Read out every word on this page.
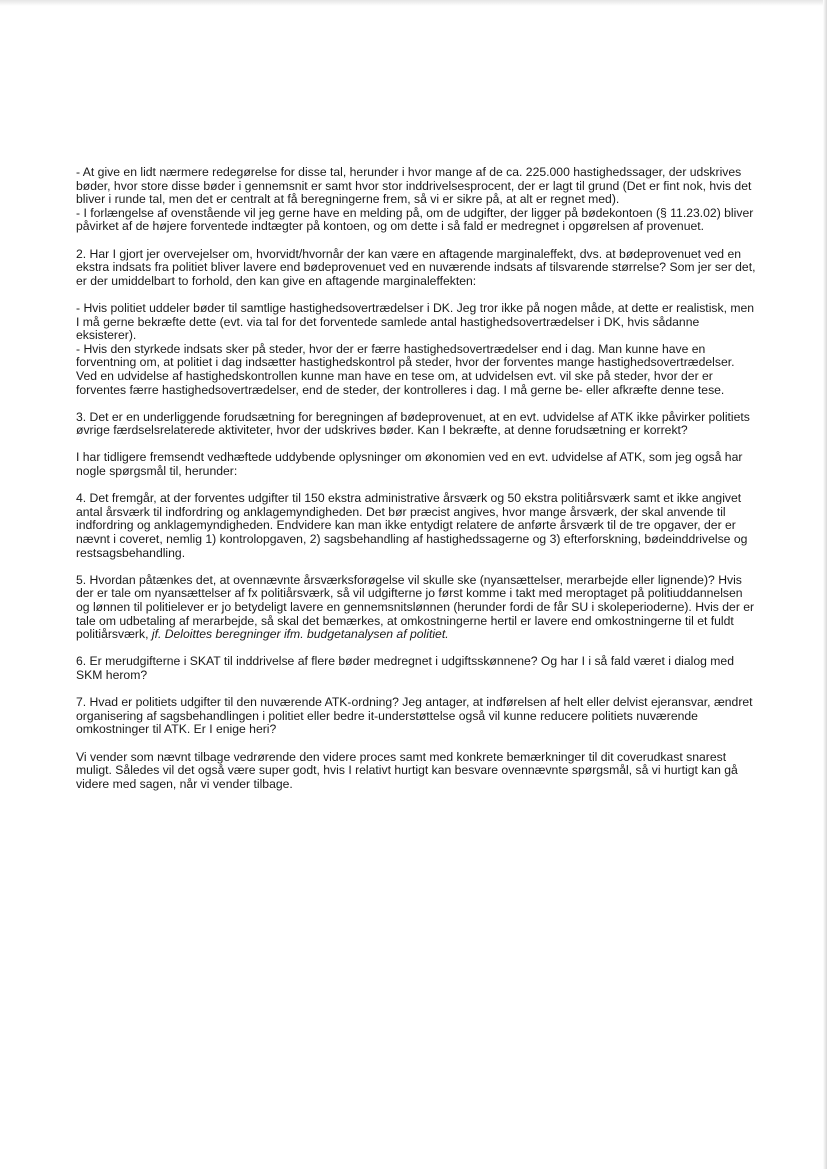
- At give en lidt nærmere redegørelse for disse tal, herunder i hvor mange af de ca. 225.000 hastighedssager, der udskrives bøder, hvor store disse bøder i gennemsnit er samt hvor stor inddrivelsesprocent, der er lagt til grund (Det er fint nok, hvis det bliver i runde tal, men det er centralt at få beregningerne frem, så vi er sikre på, at alt er regnet med).

- I forlængelse af ovenstående vil jeg gerne have en melding på, om de udgifter, der ligger på bødekontoen (§ 11.23.02) bliver påvirket af de højere forventede indtægter på kontoen, og om dette i så fald er medregnet i opgørelsen af provenuet.

2. Har I gjort jer overvejelser om, hvorvidt/hvornår der kan være en aftagende marginaleffekt, dvs. at bødeprovenuet ved en ekstra indsats fra politiet bliver lavere end bødeprovenuet ved en nuværende indsats af tilsvarende størrelse? Som jer ser det, er der umiddelbart to forhold, den kan give en aftagende marginaleffekten:

- Hvis politiet uddeler bøder til samtlige hastighedsovertrædelser i DK. Jeg tror ikke på nogen måde, at dette er realistisk, men I må gerne bekræfte dette (evt. via tal for det forventede samlede antal hastighedsovertrædelser i DK, hvis sådanne eksisterer).

- Hvis den styrkede indsats sker på steder, hvor der er færre hastighedsovertrædelser end i dag. Man kunne have en forventning om, at politiet i dag indsætter hastighedskontrol på steder, hvor der forventes mange hastighedsovertrædelser. Ved en udvidelse af hastighedskontrollen kunne man have en tese om, at udvidelsen evt. vil ske på steder, hvor der er forventes færre hastighedsovertrædelser, end de steder, der kontrolleres i dag. I må gerne be- eller afkræfte denne tese.

3. Det er en underliggende forudsætning for beregningen af bødeprovenuet, at en evt. udvidelse af ATK ikke påvirker politiets øvrige færdselsrelaterede aktiviteter, hvor der udskrives bøder. Kan I bekræfte, at denne forudsætning er korrekt?

I har tidligere fremsendt vedhæftede uddybende oplysninger om økonomien ved en evt. udvidelse af ATK, som jeg også har nogle spørgsmål til, herunder:

4. Det fremgår, at der forventes udgifter til 150 ekstra administrative årsværk og 50 ekstra politiårsværk samt et ikke angivet antal årsværk til indfordring og anklagemyndigheden. Det bør præcist angives, hvor mange årsværk, der skal anvende til indfordring og anklagemyndigheden. Endvidere kan man ikke entydigt relatere de anførte årsværk til de tre opgaver, der er nævnt i coveret, nemlig 1) kontrolopgaven, 2) sagsbehandling af hastighedssagerne og 3) efterforskning, bødeinddrivelse og restsagsbehandling.

5. Hvordan påtænkes det, at ovennævnte årsværksforøgelse vil skulle ske (nyansættelser, merarbejde eller lignende)? Hvis der er tale om nyansættelser af fx politiårsværk, så vil udgifterne jo først komme i takt med meroptaget på politiuddannelsen og lønnen til politielever er jo betydeligt lavere en gennemsnitslønnen (herunder fordi de får SU i skoleperioderne). Hvis der er tale om udbetaling af merarbejde, så skal det bemærkes, at omkostningerne hertil er lavere end omkostningerne til et fuldt politiårsværk, jf. Deloittes beregninger ifm. budgetanalysen af politiet.

6. Er merudgifterne i SKAT til inddrivelse af flere bøder medregnet i udgiftsskønnene? Og har I i så fald været i dialog med SKM herom?

7. Hvad er politiets udgifter til den nuværende ATK-ordning? Jeg antager, at indførelsen af helt eller delvist ejeransvar, ændret organisering af sagsbehandlingen i politiet eller bedre it-understøttelse også vil kunne reducere politiets nuværende omkostninger til ATK. Er I enige heri?

Vi vender som nævnt tilbage vedrørende den videre proces samt med konkrete bemærkninger til dit coverudkast snarest muligt. Således vil det også være super godt, hvis I relativt hurtigt kan besvare ovennævnte spørgsmål, så vi hurtigt kan gå videre med sagen, når vi vender tilbage.
